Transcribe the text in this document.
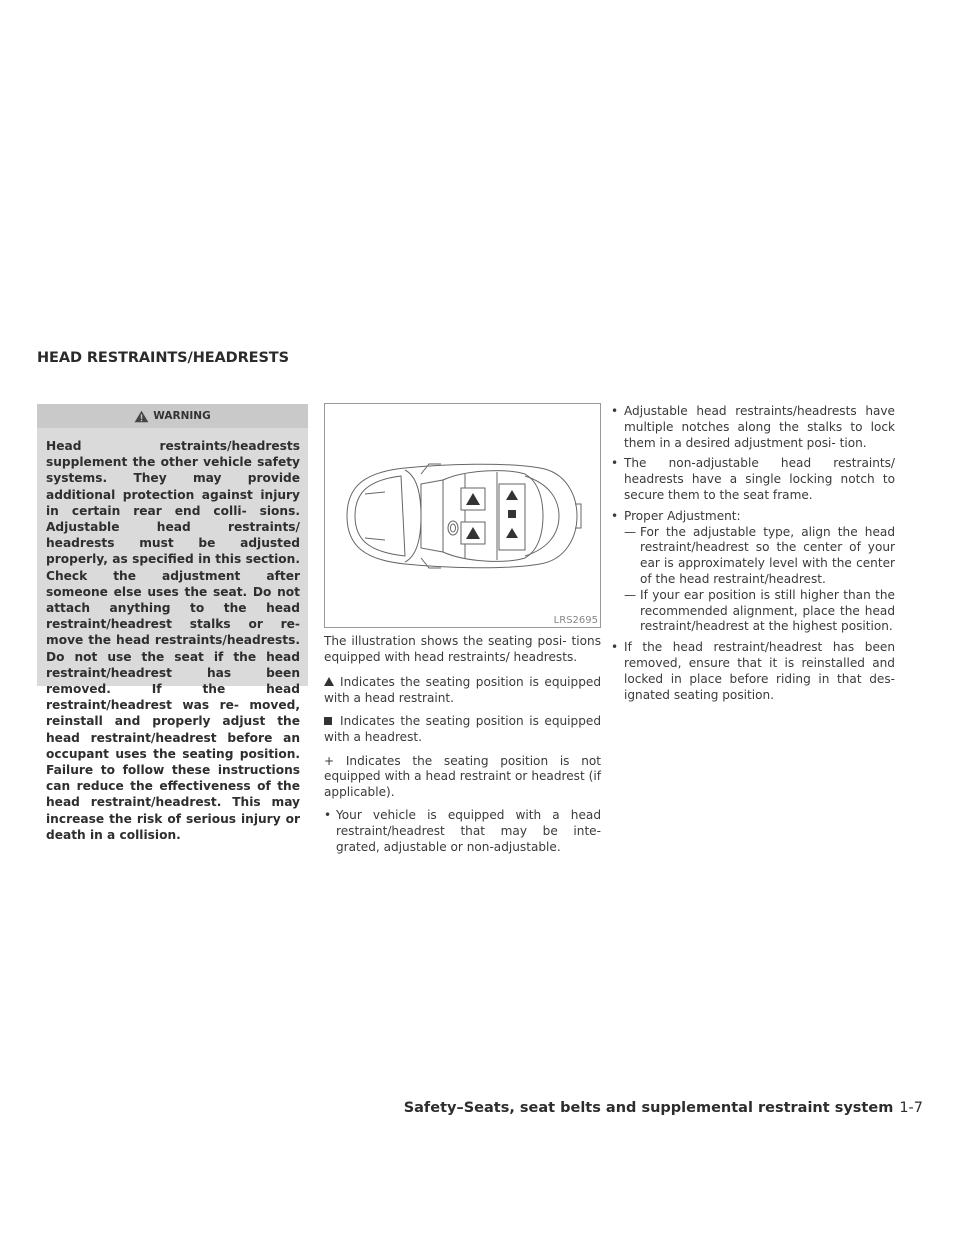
HEAD RESTRAINTS/HEADRESTS
WARNING

Head restraints/headrests supplement the other vehicle safety systems. They may provide additional protection against injury in certain rear end colli- sions. Adjustable head restraints/ headrests must be adjusted properly, as specified in this section. Check the adjustment after someone else uses the seat. Do not attach anything to the head restraint/headrest stalks or re- move the head restraints/headrests. Do not use the seat if the head restraint/headrest has been removed. If the head restraint/headrest was re- moved, reinstall and properly adjust the head restraint/headrest before an occupant uses the seating position. Failure to follow these instructions can reduce the effectiveness of the head restraint/headrest. This may increase the risk of serious injury or death in a collision.

LRS2695

The illustration shows the seating posi- tions equipped with head restraints/ headrests.

Indicates the seating position is equipped with a head restraint.

Indicates the seating position is equipped with a headrest.

+ Indicates the seating position is not equipped with a head restraint or headrest (if applicable).

• Your vehicle is equipped with a head restraint/headrest that may be inte- grated, adjustable or non-adjustable.
• Adjustable head restraints/headrests have multiple notches along the stalks to lock them in a desired adjustment posi- tion.
• The non-adjustable head restraints/ headrests have a single locking notch to secure them to the seat frame.
• Proper Adjustment:
— For the adjustable type, align the head restraint/headrest so the center of your ear is approximately level with the center of the head restraint/headrest.
— If your ear position is still higher than the recommended alignment, place the head restraint/headrest at the highest position.
• If the head restraint/headrest has been removed, ensure that it is reinstalled and locked in place before riding in that des- ignated seating position.
Safety–Seats, seat belts and supplemental restraint system 1-7
